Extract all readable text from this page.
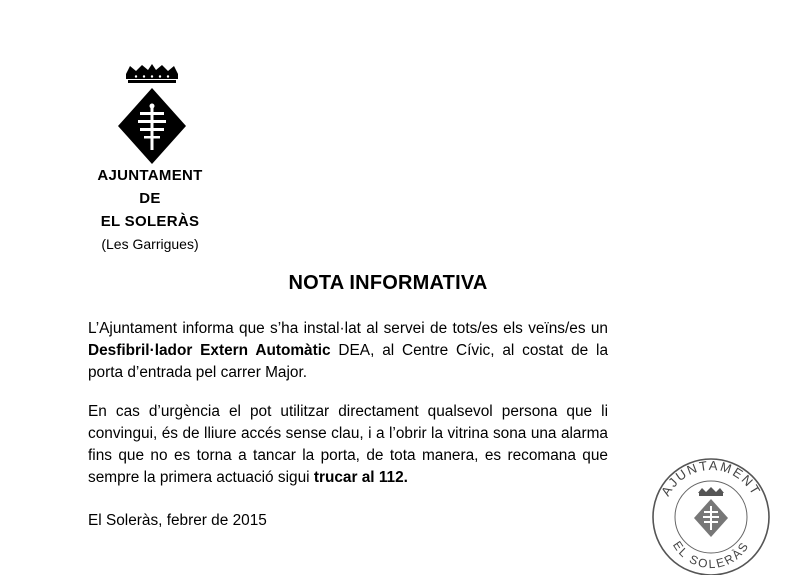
AJUNTAMENT
DE
EL SOLERÀS
(Les Garrigues)
NOTA INFORMATIVA

L’Ajuntament informa que s’ha instal·lat al servei de tots/es els veïns/es un Desfibril·lador Extern Automàtic DEA, al Centre Cívic, al costat de la porta d’entrada pel carrer Major.

En cas d’urgència el pot utilitzar directament qualsevol persona que li convingui, és de lliure accés sense clau, i a l’obrir la vitrina sona una alarma fins que no es torna a tancar la porta, de tota manera, es recomana que sempre la primera actuació sigui trucar al 112.

El Soleràs, febrer de 2015
AJUNTAMENT
EL SOLERÀS
